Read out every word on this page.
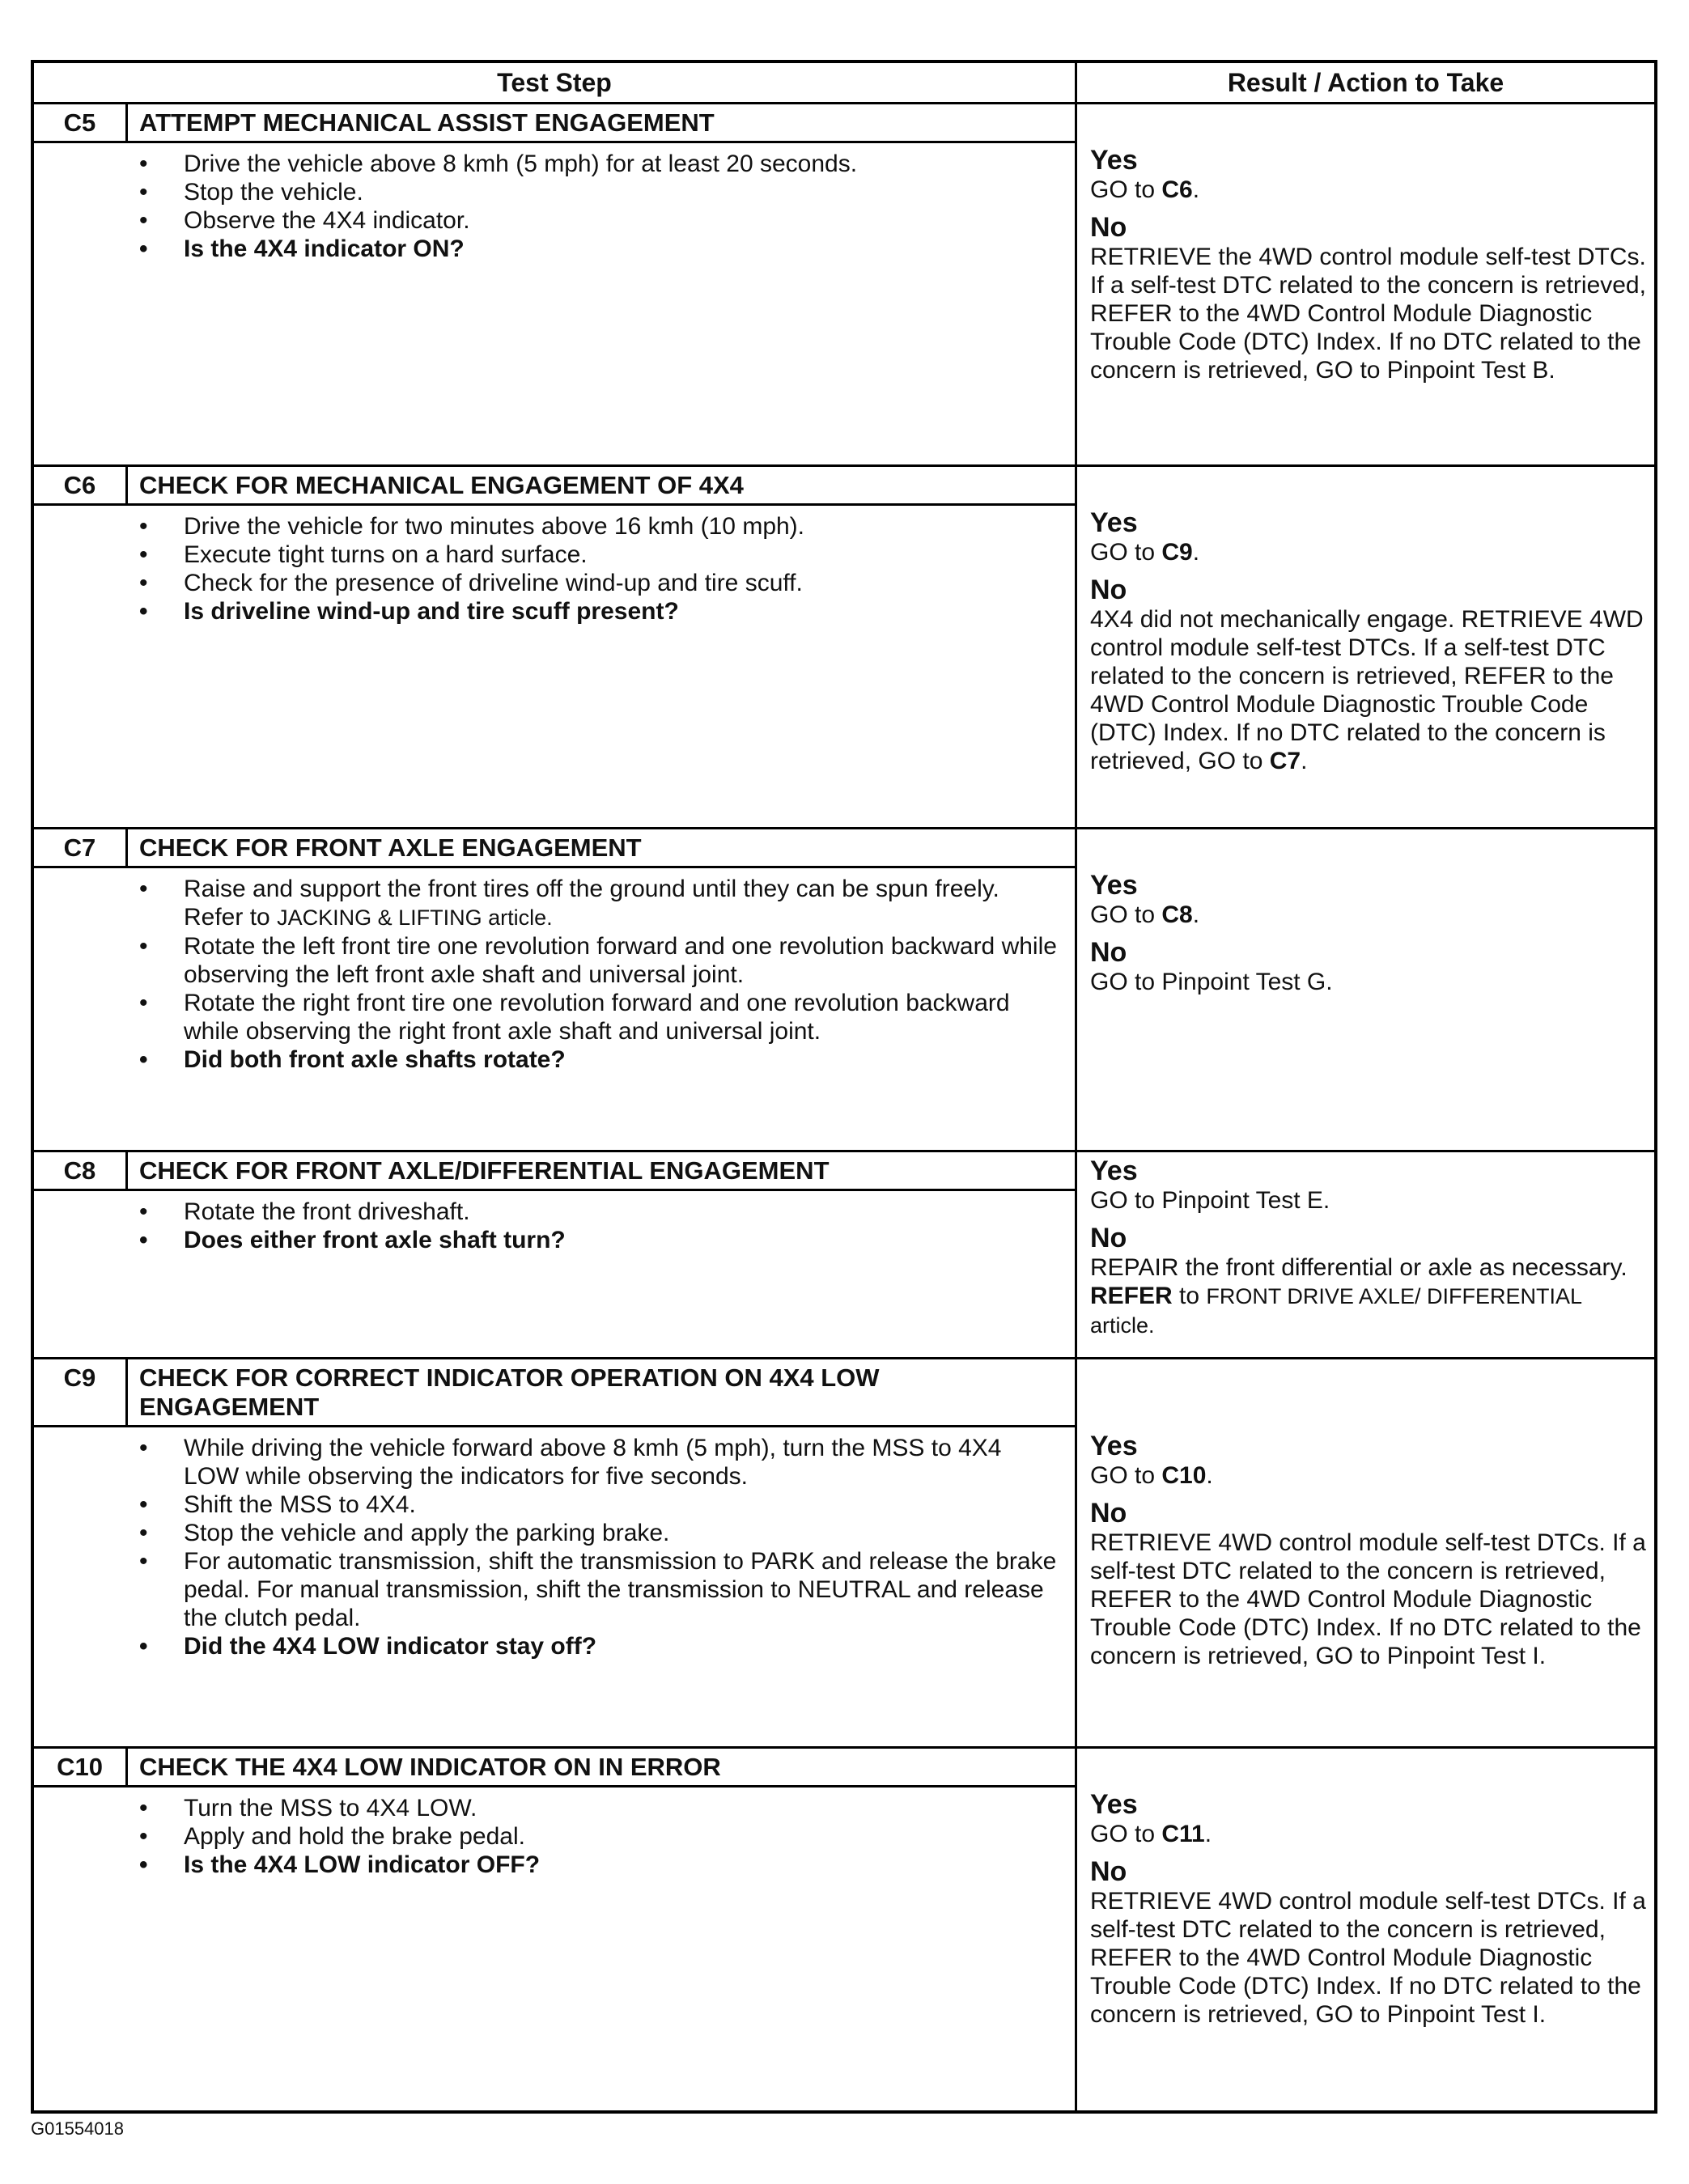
Test Step	Result / Action to Take
C5	ATTEMPT MECHANICAL ASSIST ENGAGEMENT
• Drive the vehicle above 8 kmh (5 mph) for at least 20 seconds.
• Stop the vehicle.
• Observe the 4X4 indicator.
• Is the 4X4 indicator ON?
Yes
GO to C6.
No
RETRIEVE the 4WD control module self-test DTCs. If a self-test DTC related to the concern is retrieved, REFER to the 4WD Control Module Diagnostic Trouble Code (DTC) Index. If no DTC related to the concern is retrieved, GO to Pinpoint Test B.
C6	CHECK FOR MECHANICAL ENGAGEMENT OF 4X4
• Drive the vehicle for two minutes above 16 kmh (10 mph).
• Execute tight turns on a hard surface.
• Check for the presence of driveline wind-up and tire scuff.
• Is driveline wind-up and tire scuff present?
Yes
GO to C9.
No
4X4 did not mechanically engage. RETRIEVE 4WD control module self-test DTCs. If a self-test DTC related to the concern is retrieved, REFER to the 4WD Control Module Diagnostic Trouble Code (DTC) Index. If no DTC related to the concern is retrieved, GO to C7.
C7	CHECK FOR FRONT AXLE ENGAGEMENT
• Raise and support the front tires off the ground until they can be spun freely. Refer to JACKING & LIFTING article.
• Rotate the left front tire one revolution forward and one revolution backward while observing the left front axle shaft and universal joint.
• Rotate the right front tire one revolution forward and one revolution backward while observing the right front axle shaft and universal joint.
• Did both front axle shafts rotate?
Yes
GO to C8.
No
GO to Pinpoint Test G.
C8	CHECK FOR FRONT AXLE/DIFFERENTIAL ENGAGEMENT
• Rotate the front driveshaft.
• Does either front axle shaft turn?
Yes
GO to Pinpoint Test E.
No
REPAIR the front differential or axle as necessary. REFER to FRONT DRIVE AXLE/ DIFFERENTIAL article.
C9	CHECK FOR CORRECT INDICATOR OPERATION ON 4X4 LOW ENGAGEMENT
• While driving the vehicle forward above 8 kmh (5 mph), turn the MSS to 4X4 LOW while observing the indicators for five seconds.
• Shift the MSS to 4X4.
• Stop the vehicle and apply the parking brake.
• For automatic transmission, shift the transmission to PARK and release the brake pedal. For manual transmission, shift the transmission to NEUTRAL and release the clutch pedal.
• Did the 4X4 LOW indicator stay off?
Yes
GO to C10.
No
RETRIEVE 4WD control module self-test DTCs. If a self-test DTC related to the concern is retrieved, REFER to the 4WD Control Module Diagnostic Trouble Code (DTC) Index. If no DTC related to the concern is retrieved, GO to Pinpoint Test I.
C10	CHECK THE 4X4 LOW INDICATOR ON IN ERROR
• Turn the MSS to 4X4 LOW.
• Apply and hold the brake pedal.
• Is the 4X4 LOW indicator OFF?
Yes
GO to C11.
No
RETRIEVE 4WD control module self-test DTCs. If a self-test DTC related to the concern is retrieved, REFER to the 4WD Control Module Diagnostic Trouble Code (DTC) Index. If no DTC related to the concern is retrieved, GO to Pinpoint Test I.
G01554018
